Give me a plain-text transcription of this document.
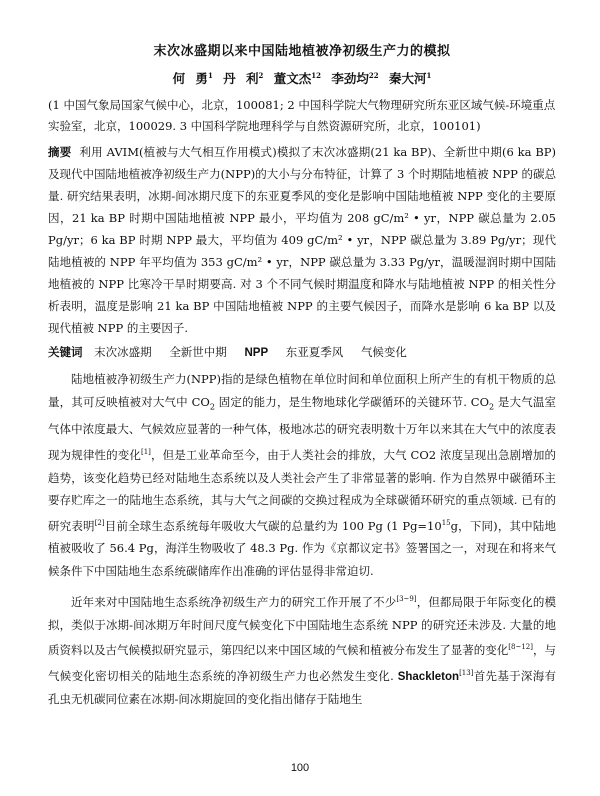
末次冰盛期以来中国陆地植被净初级生产力的模拟
何 勇$^1$ 丹 利$^2$ 董文杰$^{12}$ 李劲均$^{22}$ 秦大河$^1$

(1 中国气象局国家气候中心，北京，100081; 2 中国科学院大气物理研究所东亚区域气候-环境重点实验室，北京，100029. 3 中国科学院地理科学与自然资源研究所，北京，100101)

摘要 利用 AVIM(植被与大气相互作用模式)模拟了末次冰盛期(21 ka BP)、全新世中期(6 ka BP)及现代中国陆地植被净初级生产力(NPP)的大小与分布特征，计算了 3 个时期陆地植被 NPP 的碳总量. 研究结果表明，冰期-间冰期尺度下的东亚夏季风的变化是影响中国陆地植被 NPP 变化的主要原因，21 ka BP 时期中国陆地植被 NPP 最小，平均值为 208 gC/m² • yr，NPP 碳总量为 2.05 Pg/yr；6 ka BP 时期 NPP 最大，平均值为 409 gC/m² • yr，NPP 碳总量为 3.89 Pg/yr；现代陆地植被的 NPP 年平均值为 353 gC/m² • yr，NPP 碳总量为 3.33 Pg/yr，温暖湿润时期中国陆地植被的 NPP 比寒冷干旱时期要高. 对 3 个不同气候时期温度和降水与陆地植被 NPP 的相关性分析表明，温度是影响 21 ka BP 中国陆地植被 NPP 的主要气候因子，而降水是影响 6 ka BP 以及现代植被 NPP 的主要因子.

关键词 末次冰盛期 全新世中期 NPP 东亚夏季风 气候变化

陆地植被净初级生产力(NPP)指的是绿色植物在单位时间和单位面积上所产生的有机干物质的总量，其可反映植被对大气中 $CO_2$ 固定的能力，是生物地球化学碳循环的关键环节. $CO_2$ 是大气温室气体中浓度最大、气候效应显著的一种气体，极地冰芯的研究表明数十万年以来其在大气中的浓度表现为规律性的变化[1]，但是工业革命至今，由于人类社会的排放，大气 CO2 浓度呈现出急剧增加的趋势，该变化趋势已经对陆地生态系统以及人类社会产生了非常显著的影响. 作为自然界中碳循环主要存贮库之一的陆地生态系统，其与大气之间碳的交换过程成为全球碳循环研究的重点领域. 已有的研究表明[2]目前全球生态系统每年吸收大气碳的总量约为 100 Pg (1 $Pg=10^{15}g$，下同)，其中陆地植被吸收了 56.4 Pg，海洋生物吸收了 48.3 Pg. 作为《京都议定书》签署国之一，对现在和将来气候条件下中国陆地生态系统碳储库作出准确的评估显得非常迫切.

近年来对中国陆地生态系统净初级生产力的研究工作开展了不少[3~9]，但都局限于年际变化的模拟，类似于冰期-间冰期万年时间尺度气候变化下中国陆地生态系统 NPP 的研究还未涉及. 大量的地质资料以及古气候模拟研究显示，第四纪以来中国区域的气候和植被分布发生了显著的变化[8~12]，与气候变化密切相关的陆地生态系统的净初级生产力也必然发生变化. Shackleton[13]首先基于深海有孔虫无机碳同位素在冰期-间冰期旋回的变化指出储存于陆地生

100
